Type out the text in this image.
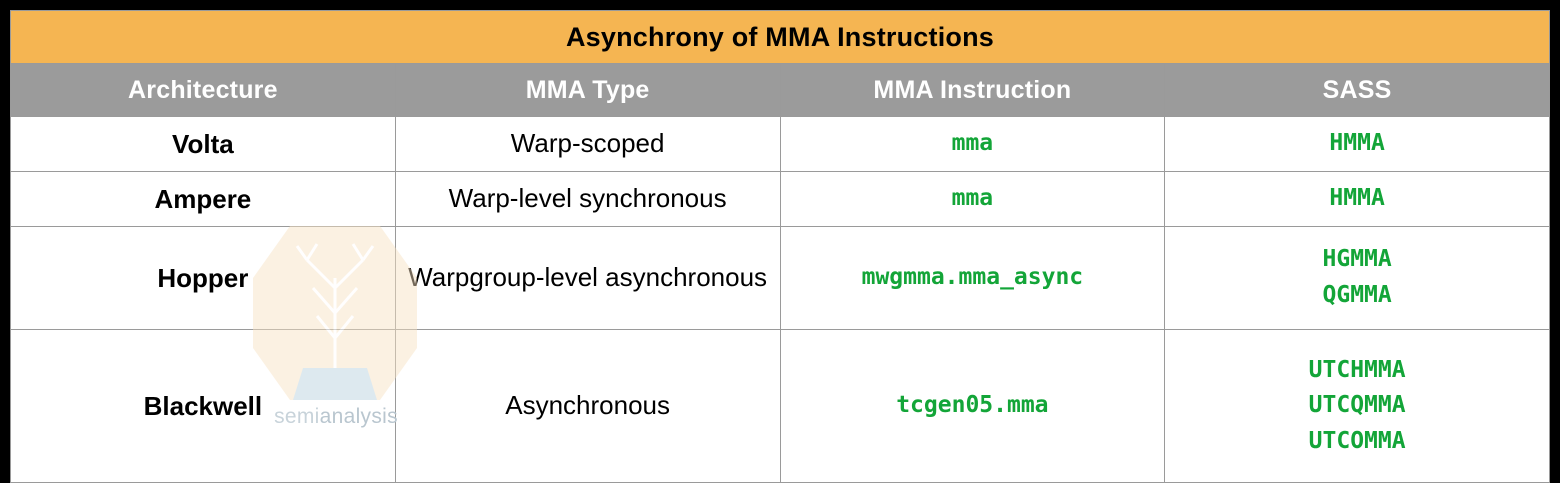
Asynchrony of MMA Instructions			
Architecture	MMA Type	MMA Instruction	SASS
Volta	Warp-scoped	mma	HMMA

Ampere	Warp-level synchronous	mma	HMMA

Hopper	Warpgroup-level asynchronous	mwgmma.mma_async	HGMMA
QGMMA

Blackwell	Asynchronous	tcgen05.mma	UTCHMMA
UTCQMMA
UTCOMMA
semianalysis
